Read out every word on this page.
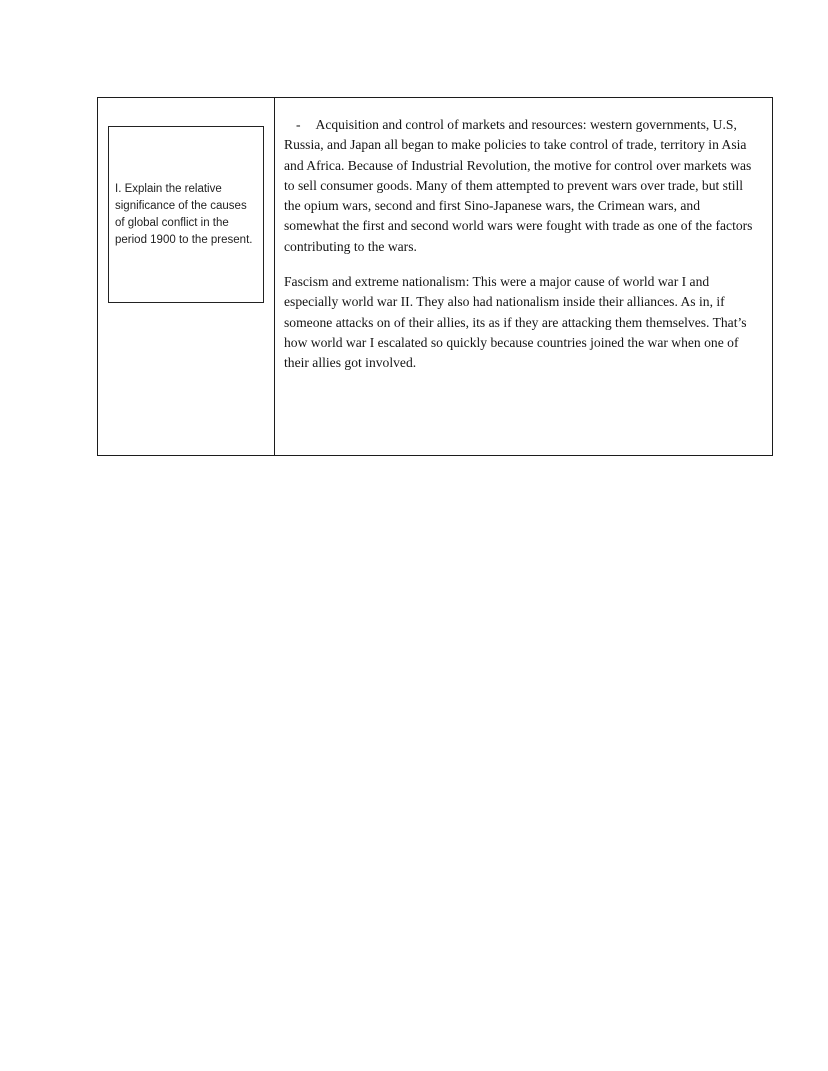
I. Explain the relative significance of the causes of global conflict in the period 1900 to the present.

- Acquisition and control of markets and resources: western governments, U.S, Russia, and Japan all began to make policies to take control of trade, territory in Asia and Africa. Because of Industrial Revolution, the motive for control over markets was to sell consumer goods. Many of them attempted to prevent wars over trade, but still the opium wars, second and first Sino-Japanese wars, the Crimean wars, and somewhat the first and second world wars were fought with trade as one of the factors contributing to the wars.

Fascism and extreme nationalism: This were a major cause of world war I and especially world war II. They also had nationalism inside their alliances. As in, if someone attacks on of their allies, its as if they are attacking them themselves. That’s how world war I escalated so quickly because countries joined the war when one of their allies got involved.
